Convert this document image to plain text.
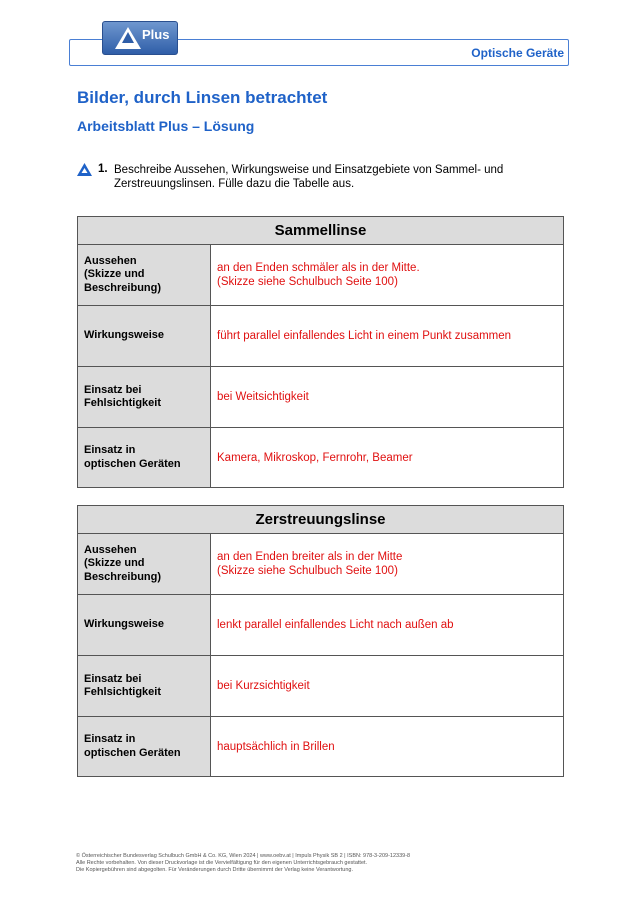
Plus
Optische Geräte
Bilder, durch Linsen betrachtet
Arbeitsblatt Plus – Lösung
1. Beschreibe Aussehen, Wirkungsweise und Einsatzgebiete von Sammel- und Zerstreuungslinsen. Fülle dazu die Tabelle aus.
Sammellinse	
Aussehen
(Skizze und
Beschreibung)	an den Enden schmäler als in der Mitte.
(Skizze siehe Schulbuch Seite 100)
Wirkungsweise	führt parallel einfallendes Licht in einem Punkt zusammen
Einsatz bei
Fehlsichtigkeit	bei Weitsichtigkeit
Einsatz in
optischen Geräten	Kamera, Mikroskop, Fernrohr, Beamer
Zerstreuungslinse	
Aussehen
(Skizze und
Beschreibung)	an den Enden breiter als in der Mitte
(Skizze siehe Schulbuch Seite 100)
Wirkungsweise	lenkt parallel einfallendes Licht nach außen ab
Einsatz bei
Fehlsichtigkeit	bei Kurzsichtigkeit
Einsatz in
optischen Geräten	hauptsächlich in Brillen
© Österreichischer Bundesverlag Schulbuch GmbH & Co. KG, Wien 2024 | www.oebv.at | Impuls Physik SB 2 | ISBN: 978-3-209-12339-8
Alle Rechte vorbehalten. Von dieser Druckvorlage ist die Vervielfältigung für den eigenen Unterrichtsgebrauch gestattet.
Die Kopiergebühren sind abgegolten. Für Veränderungen durch Dritte übernimmt der Verlag keine Verantwortung.
